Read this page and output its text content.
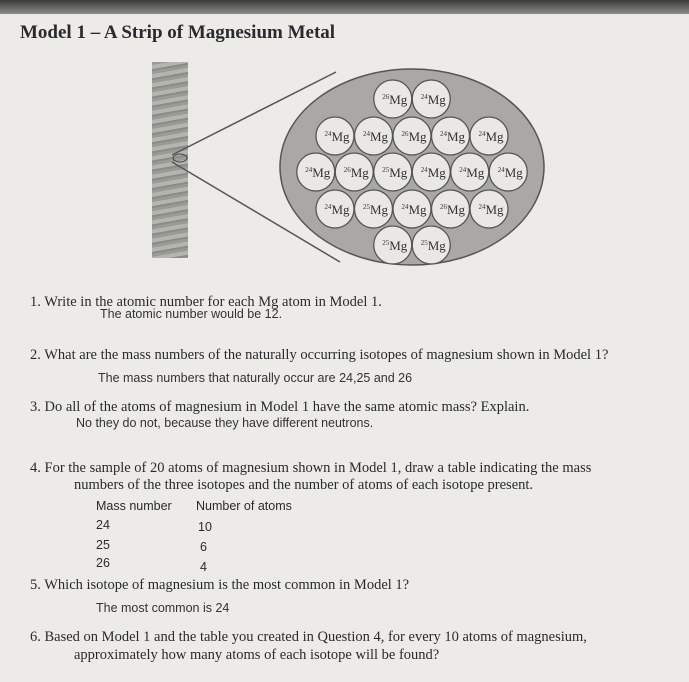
Model 1 – A Strip of Magnesium Metal
$^{26}$Mg $^{24}$Mg
$^{24}$Mg $^{24}$Mg $^{26}$Mg $^{24}$Mg $^{24}$Mg
$^{24}$Mg $^{26}$Mg $^{25}$Mg $^{24}$Mg $^{24}$Mg $^{24}$Mg
$^{24}$Mg $^{25}$Mg $^{24}$Mg $^{26}$Mg $^{24}$Mg
$^{25}$Mg $^{25}$Mg
1. Write in the atomic number for each Mg atom in Model 1.
The atomic number would be 12.
2. What are the mass numbers of the naturally occurring isotopes of magnesium shown in Model 1?
The mass numbers that naturally occur are 24,25 and 26
3. Do all of the atoms of magnesium in Model 1 have the same atomic mass? Explain.
No they do not, because they have different neutrons.
4. For the sample of 20 atoms of magnesium shown in Model 1, draw a table indicating the mass
numbers of the three isotopes and the number of atoms of each isotope present.
Mass number Number of atoms
24	10
25	6
26	4
5. Which isotope of magnesium is the most common in Model 1?
The most common is 24
6. Based on Model 1 and the table you created in Question 4, for every 10 atoms of magnesium,
approximately how many atoms of each isotope will be found?
